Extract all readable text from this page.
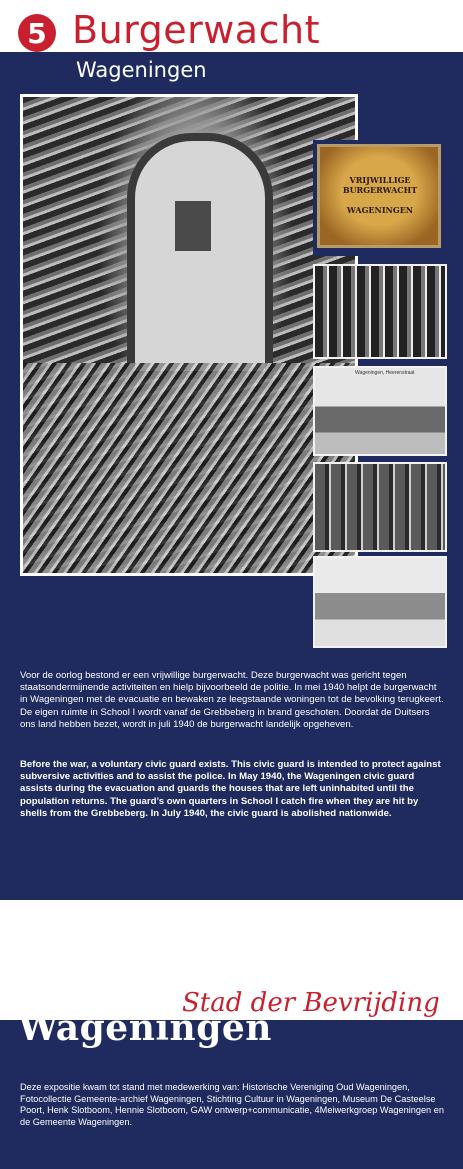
5 Burgerwacht
Wageningen
VRIJWILLIGE BURGERWACHT
WAGENINGEN
Wageningen, Heerenstraat
Voor de oorlog bestond er een vrijwillige burgerwacht. Deze burgerwacht was gericht tegen staatsondermijnende activiteiten en hielp bijvoorbeeld de politie. In mei 1940 helpt de burgerwacht in Wageningen met de evacuatie en bewaken ze leegstaande woningen tot de bevolking terugkeert. De eigen ruimte in School I wordt vanaf de Grebbeberg in brand geschoten. Doordat de Duitsers ons land hebben bezet, wordt in juli 1940 de burgerwacht landelijk opgeheven.
Before the war, a voluntary civic guard exists. This civic guard is intended to protect against subversive activities and to assist the police. In May 1940, the Wageningen civic guard assists during the evacuation and guards the houses that are left uninhabited until the population returns. The guard’s own quarters in School I catch fire when they are hit by shells from the Grebbeberg. In July 1940, the civic guard is abolished nationwide.
Stad der Bevrijding
Wageningen
Deze expositie kwam tot stand met medewerking van: Historische Vereniging Oud Wageningen, Fotocollectie Gemeente-archief Wageningen, Stichting Cultuur in Wageningen, Museum De Casteelse Poort, Henk Slotboom, Hennie Slotboom, GAW ontwerp+communicatie, 4Meiwerkgroep Wageningen en de Gemeente Wageningen.
